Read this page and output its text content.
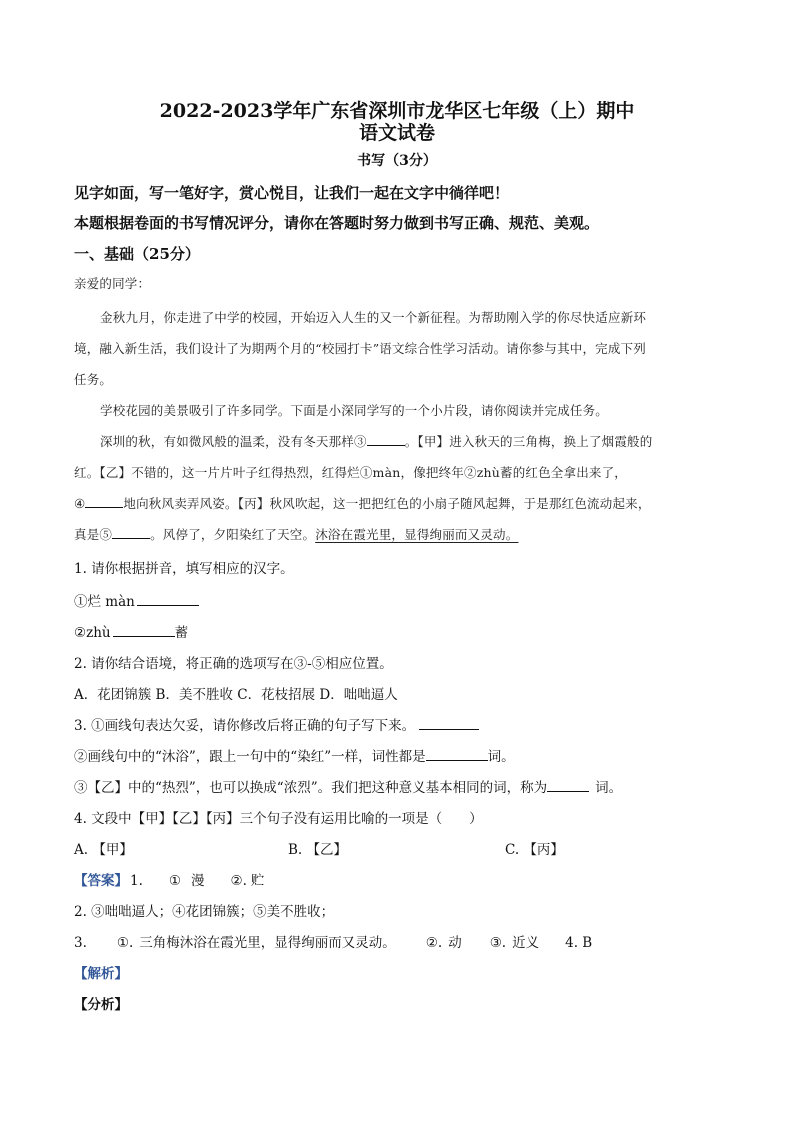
2022-2023学年广东省深圳市龙华区七年级（上）期中
语文试卷
书写（3分）
见字如面，写一笔好字，赏心悦目，让我们一起在文字中徜徉吧！
本题根据卷面的书写情况评分，请你在答题时努力做到书写正确、规范、美观。
一、基础（25分）
亲爱的同学：
金秋九月，你走进了中学的校园，开始迈入人生的又一个新征程。为帮助刚入学的你尽快适应新环
境，融入新生活，我们设计了为期两个月的“校园打卡”语文综合性学习活动。请你参与其中，完成下列
任务。
学校花园的美景吸引了许多同学。下面是小深同学写的一个小片段，请你阅读并完成任务。
深圳的秋，有如微风般的温柔，没有冬天那样③	。【甲】进入秋天的三角梅，换上了烟霞般的
红。【乙】不错的，这一片片叶子红得热烈，红得烂①màn，像把终年②zhù蓄的红色全拿出来了，
④	地向秋风卖弄风姿。【丙】秋风吹起，这一把把红色的小扇子随风起舞，于是那红色流动起来，
真是⑤	。风停了，夕阳染红了天空。沐浴在霞光里，显得绚丽而又灵动。
1. 请你根据拼音，填写相应的汉字。
①烂 màn
②zhù	蓄
2. 请你结合语境，将正确的选项写在③-⑤相应位置。
A．花团锦簇 B．美不胜收 C．花枝招展 D．咄咄逼人
3. ①画线句表达欠妥，请你修改后将正确的句子写下来。
②画线句中的“沐浴”，跟上一句中的“染红”一样，词性都是	词。
③【乙】中的“热烈”，也可以换成“浓烈”。我们把这种意义基本相同的词，称为	词。
4. 文段中【甲】【乙】【丙】三个句子没有运用比喻的一项是（　　）
A. 【甲】	B. 【乙】	C. 【丙】
【答案】 1. ① 漫 ②. 贮
2. ③咄咄逼人；④花团锦簇；⑤美不胜收；
3. ①. 三角梅沐浴在霞光里，显得绚丽而又灵动。 ②. 动 ③. 近义 4. B
【解析】
【分析】
